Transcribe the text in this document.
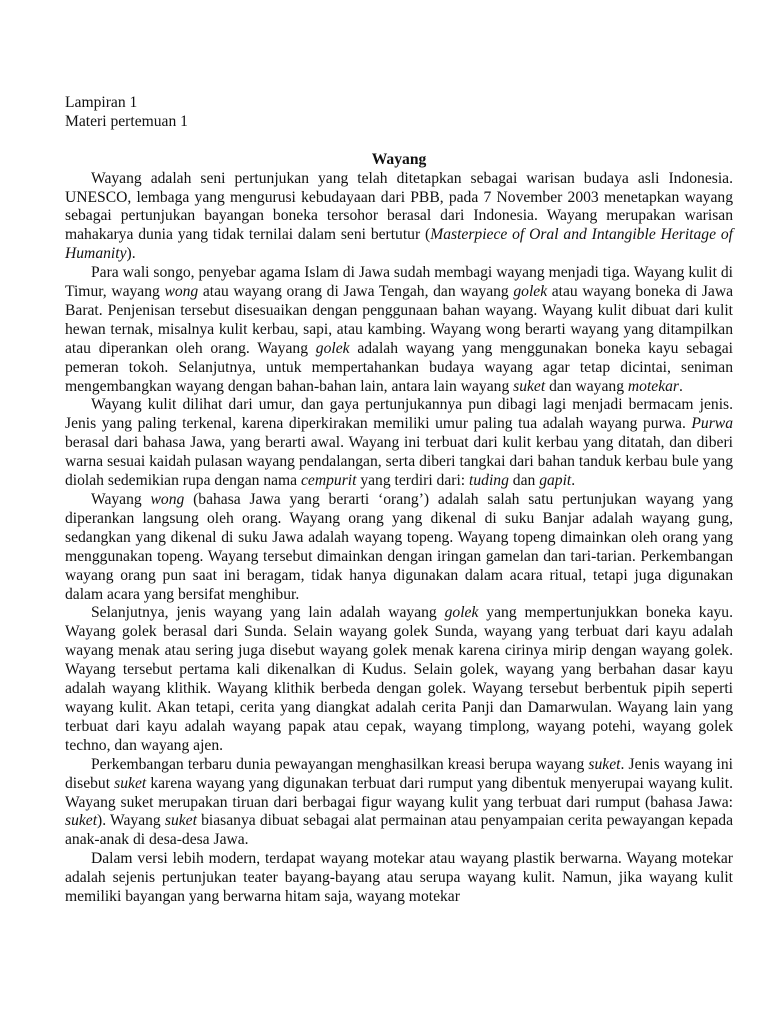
Lampiran 1

Materi pertemuan 1

Wayang

Wayang adalah seni pertunjukan yang telah ditetapkan sebagai warisan budaya asli Indonesia. UNESCO, lembaga yang mengurusi kebudayaan dari PBB, pada 7 November 2003 menetapkan wayang sebagai pertunjukan bayangan boneka tersohor berasal dari Indonesia. Wayang merupakan warisan mahakarya dunia yang tidak ternilai dalam seni bertutur (Masterpiece of Oral and Intangible Heritage of Humanity).

Para wali songo, penyebar agama Islam di Jawa sudah membagi wayang menjadi tiga. Wayang kulit di Timur, wayang wong atau wayang orang di Jawa Tengah, dan wayang golek atau wayang boneka di Jawa Barat. Penjenisan tersebut disesuaikan dengan penggunaan bahan wayang. Wayang kulit dibuat dari kulit hewan ternak, misalnya kulit kerbau, sapi, atau kambing. Wayang wong berarti wayang yang ditampilkan atau diperankan oleh orang. Wayang golek adalah wayang yang menggunakan boneka kayu sebagai pemeran tokoh. Selanjutnya, untuk mempertahankan budaya wayang agar tetap dicintai, seniman mengembangkan wayang dengan bahan-bahan lain, antara lain wayang suket dan wayang motekar.

Wayang kulit dilihat dari umur, dan gaya pertunjukannya pun dibagi lagi menjadi bermacam jenis. Jenis yang paling terkenal, karena diperkirakan memiliki umur paling tua adalah wayang purwa. Purwa berasal dari bahasa Jawa, yang berarti awal. Wayang ini terbuat dari kulit kerbau yang ditatah, dan diberi warna sesuai kaidah pulasan wayang pendalangan, serta diberi tangkai dari bahan tanduk kerbau bule yang diolah sedemikian rupa dengan nama cempurit yang terdiri dari: tuding dan gapit.

Wayang wong (bahasa Jawa yang berarti ‘orang’) adalah salah satu pertunjukan wayang yang diperankan langsung oleh orang. Wayang orang yang dikenal di suku Banjar adalah wayang gung, sedangkan yang dikenal di suku Jawa adalah wayang topeng. Wayang topeng dimainkan oleh orang yang menggunakan topeng. Wayang tersebut dimainkan dengan iringan gamelan dan tari-tarian. Perkembangan wayang orang pun saat ini beragam, tidak hanya digunakan dalam acara ritual, tetapi juga digunakan dalam acara yang bersifat menghibur.

Selanjutnya, jenis wayang yang lain adalah wayang golek yang mempertunjukkan boneka kayu. Wayang golek berasal dari Sunda. Selain wayang golek Sunda, wayang yang terbuat dari kayu adalah wayang menak atau sering juga disebut wayang golek menak karena cirinya mirip dengan wayang golek. Wayang tersebut pertama kali dikenalkan di Kudus. Selain golek, wayang yang berbahan dasar kayu adalah wayang klithik. Wayang klithik berbeda dengan golek. Wayang tersebut berbentuk pipih seperti wayang kulit. Akan tetapi, cerita yang diangkat adalah cerita Panji dan Damarwulan. Wayang lain yang terbuat dari kayu adalah wayang papak atau cepak, wayang timplong, wayang potehi, wayang golek techno, dan wayang ajen.

Perkembangan terbaru dunia pewayangan menghasilkan kreasi berupa wayang suket. Jenis wayang ini disebut suket karena wayang yang digunakan terbuat dari rumput yang dibentuk menyerupai wayang kulit. Wayang suket merupakan tiruan dari berbagai figur wayang kulit yang terbuat dari rumput (bahasa Jawa: suket). Wayang suket biasanya dibuat sebagai alat permainan atau penyampaian cerita pewayangan kepada anak-anak di desa-desa Jawa.

Dalam versi lebih modern, terdapat wayang motekar atau wayang plastik berwarna. Wayang motekar adalah sejenis pertunjukan teater bayang-bayang atau serupa wayang kulit. Namun, jika wayang kulit memiliki bayangan yang berwarna hitam saja, wayang motekar
